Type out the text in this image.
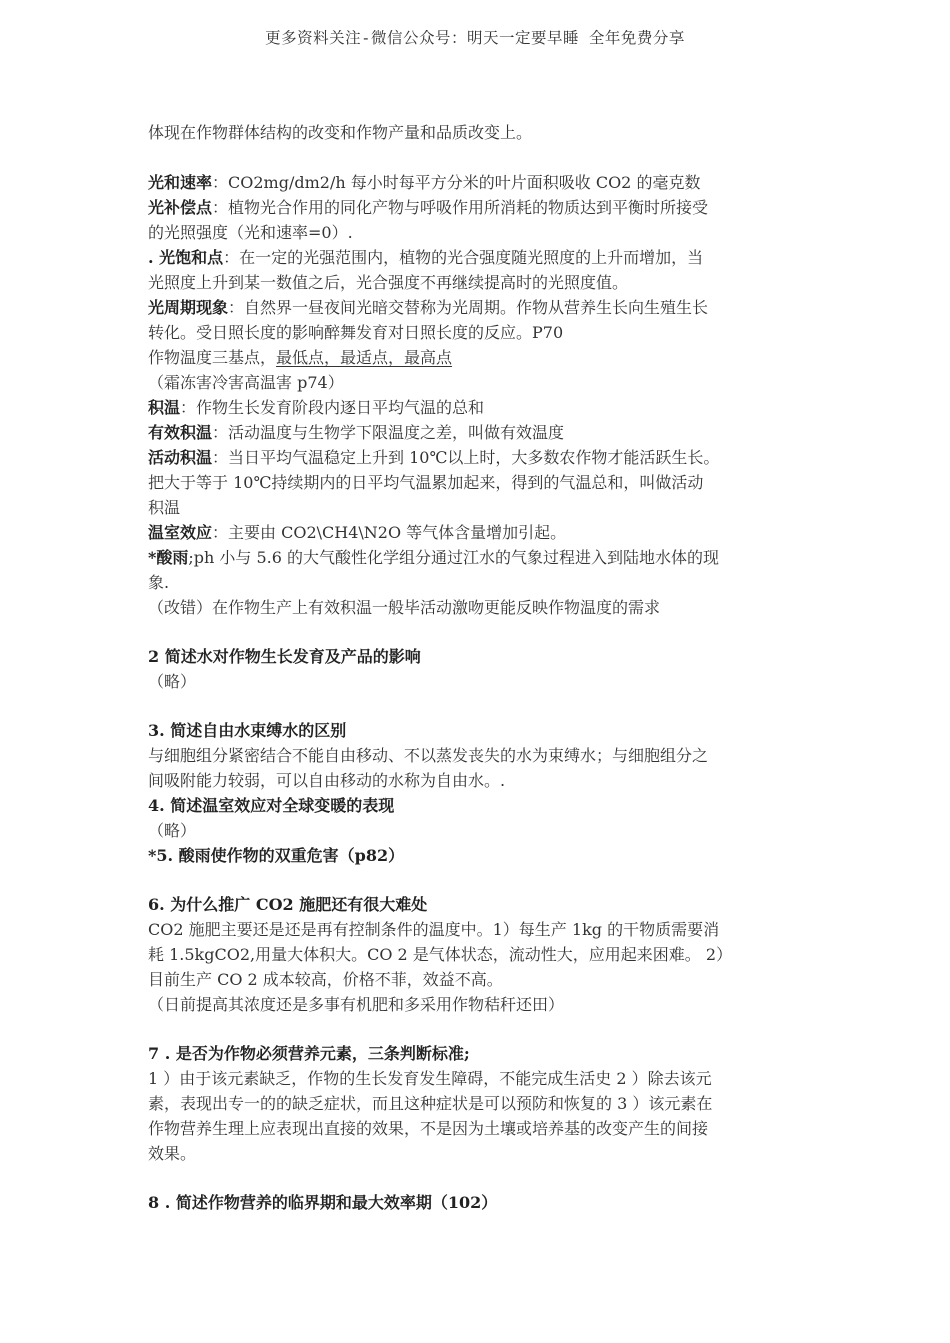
更多资料关注-微信公众号：明天一定要早睡 全年免费分享
体现在作物群体结构的改变和作物产量和品质改变上。
光和速率：CO2mg/dm2/h 每小时每平方分米的叶片面积吸收 CO2 的毫克数
光补偿点：植物光合作用的同化产物与呼吸作用所消耗的物质达到平衡时所接受
的光照强度（光和速率=0）.
. 光饱和点：在一定的光强范围内，植物的光合强度随光照度的上升而增加，当
光照度上升到某一数值之后，光合强度不再继续提高时的光照度值。
光周期现象：自然界一昼夜间光暗交替称为光周期。作物从营养生长向生殖生长
转化。受日照长度的影响醉舞发育对日照长度的反应。P70
作物温度三基点，最低点，最适点，最高点
（霜冻害冷害高温害 p74）
积温：作物生长发育阶段内逐日平均气温的总和
有效积温：活动温度与生物学下限温度之差，叫做有效温度
活动积温：当日平均气温稳定上升到 10℃以上时，大多数农作物才能活跃生长。
把大于等于 10℃持续期内的日平均气温累加起来，得到的气温总和，叫做活动
积温
温室效应：主要由 CO2\CH4\N2O 等气体含量增加引起。
*酸雨;ph 小与 5.6 的大气酸性化学组分通过江水的气象过程进入到陆地水体的现
象.
（改错）在作物生产上有效积温一般毕活动激吻更能反映作物温度的需求
2 简述水对作物生长发育及产品的影响
（略）
3. 简述自由水束缚水的区别
与细胞组分紧密结合不能自由移动、不以蒸发丧失的水为束缚水；与细胞组分之
间吸附能力较弱，可以自由移动的水称为自由水。.
4. 简述温室效应对全球变暖的表现
（略）
*5. 酸雨使作物的双重危害（p82）
6. 为什么推广 CO2 施肥还有很大难处
CO2 施肥主要还是还是再有控制条件的温度中。1）每生产 1kg 的干物质需要消
耗 1.5kgCO2,用量大体积大。CO 2 是气体状态，流动性大，应用起来困难。 2）
目前生产 CO 2 成本较高，价格不菲，效益不高。
（日前提高其浓度还是多事有机肥和多采用作物秸秆还田）
7 . 是否为作物必须营养元素，三条判断标准;
1 ）由于该元素缺乏，作物的生长发育发生障碍，不能完成生活史 2 ）除去该元
素，表现出专一的的缺乏症状，而且这种症状是可以预防和恢复的 3 ）该元素在
作物营养生理上应表现出直接的效果，不是因为土壤或培养基的改变产生的间接
效果。
8 . 简述作物营养的临界期和最大效率期（102）
